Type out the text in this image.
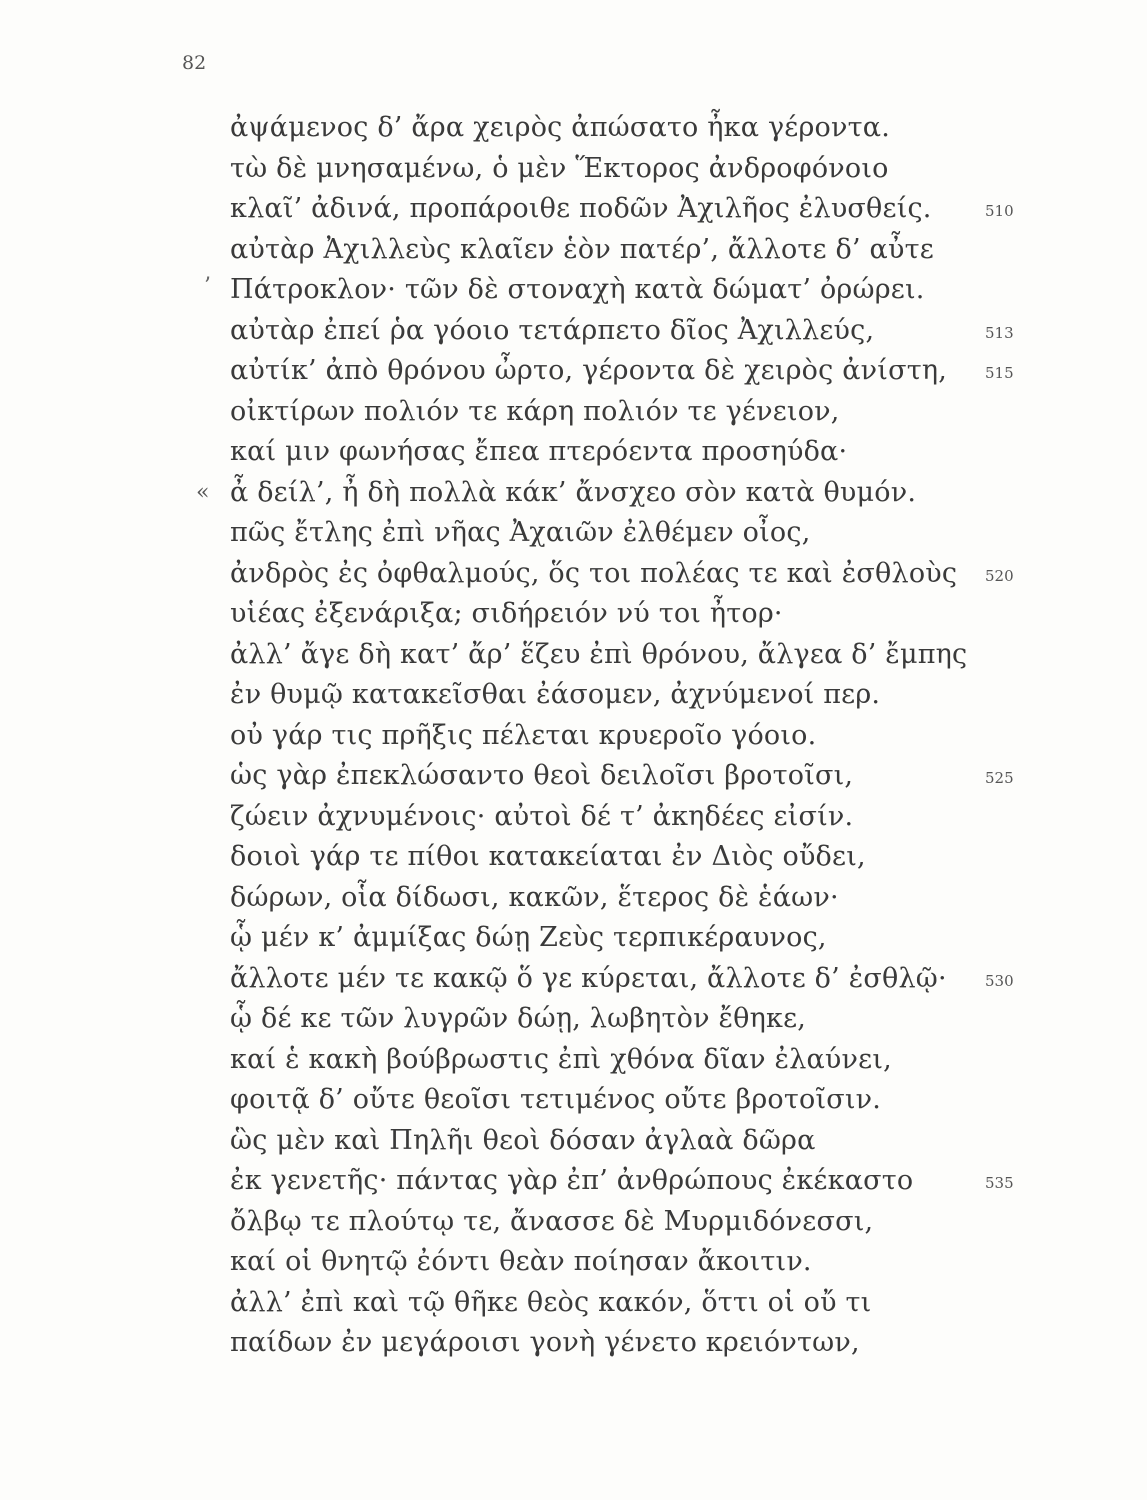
82
ἀψάμενος δ’ ἄρα χειρὸς ἀπώσατο ἦκα γέροντα.
τὼ δὲ μνησαμένω, ὁ μὲν Ἕκτορος ἀνδροφόνοιο
κλαῖ’ ἀδινά, προπάροιθε ποδῶν Ἀχιλῆος ἐλυσθείς.	510
αὐτὰρ Ἀχιλλεὺς κλαῖεν ἑὸν πατέρ’, ἄλλοτε δ’ αὖτε
’ Πάτροκλον· τῶν δὲ στοναχὴ κατὰ δώματ’ ὀρώρει.
αὐτὰρ ἐπεί ῥα γόοιο τετάρπετο δῖος Ἀχιλλεύς,	513
αὐτίκ’ ἀπὸ θρόνου ὦρτο, γέροντα δὲ χειρὸς ἀνίστη,	515
οἰκτίρων πολιόν τε κάρη πολιόν τε γένειον,
καί μιν φωνήσας ἔπεα πτερόεντα προσηύδα·
« ἆ δείλ’, ἦ δὴ πολλὰ κάκ’ ἄνσχεο σὸν κατὰ θυμόν.
πῶς ἔτλης ἐπὶ νῆας Ἀχαιῶν ἐλθέμεν οἶος,
ἀνδρὸς ἐς ὀφθαλμούς, ὅς τοι πολέας τε καὶ ἐσθλοὺς 520
υἱέας ἐξενάριξα; σιδήρειόν νύ τοι ἦτορ·
ἀλλ’ ἄγε δὴ κατ’ ἄρ’ ἕζευ ἐπὶ θρόνου, ἄλγεα δ’ ἔμπης
ἐν θυμῷ κατακεῖσθαι ἐάσομεν, ἀχνύμενοί περ.
οὐ γάρ τις πρῆξις πέλεται κρυεροῖο γόοιο.
ὡς γὰρ ἐπεκλώσαντο θεοὶ δειλοῖσι βροτοῖσι,	525
ζώειν ἀχνυμένοις· αὐτοὶ δέ τ’ ἀκηδέες εἰσίν.
δοιοὶ γάρ τε πίθοι κατακείαται ἐν Διὸς οὔδει,
δώρων, οἷα δίδωσι, κακῶν, ἕτερος δὲ ἑάων·
ᾧ μέν κ’ ἀμμίξας δώῃ Ζεὺς τερπικέραυνος,
ἄλλοτε μέν τε κακῷ ὅ γε κύρεται, ἄλλοτε δ’ ἐσθλῷ·	530
ᾧ δέ κε τῶν λυγρῶν δώῃ, λωβητὸν ἔθηκε,
καί ἑ κακὴ βούβρωστις ἐπὶ χθόνα δῖαν ἐλαύνει,
φοιτᾷ δ’ οὔτε θεοῖσι τετιμένος οὔτε βροτοῖσιν.
ὣς μὲν καὶ Πηλῆι θεοὶ δόσαν ἀγλαὰ δῶρα
ἐκ γενετῆς· πάντας γὰρ ἐπ’ ἀνθρώπους ἐκέκαστο	535
ὄλβῳ τε πλούτῳ τε, ἄνασσε δὲ Μυρμιδόνεσσι,
καί οἱ θνητῷ ἐόντι θεὰν ποίησαν ἄκοιτιν.
ἀλλ’ ἐπὶ καὶ τῷ θῆκε θεὸς κακόν, ὅττι οἱ οὔ τι
παίδων ἐν μεγάροισι γονὴ γένετο κρειόντων,
